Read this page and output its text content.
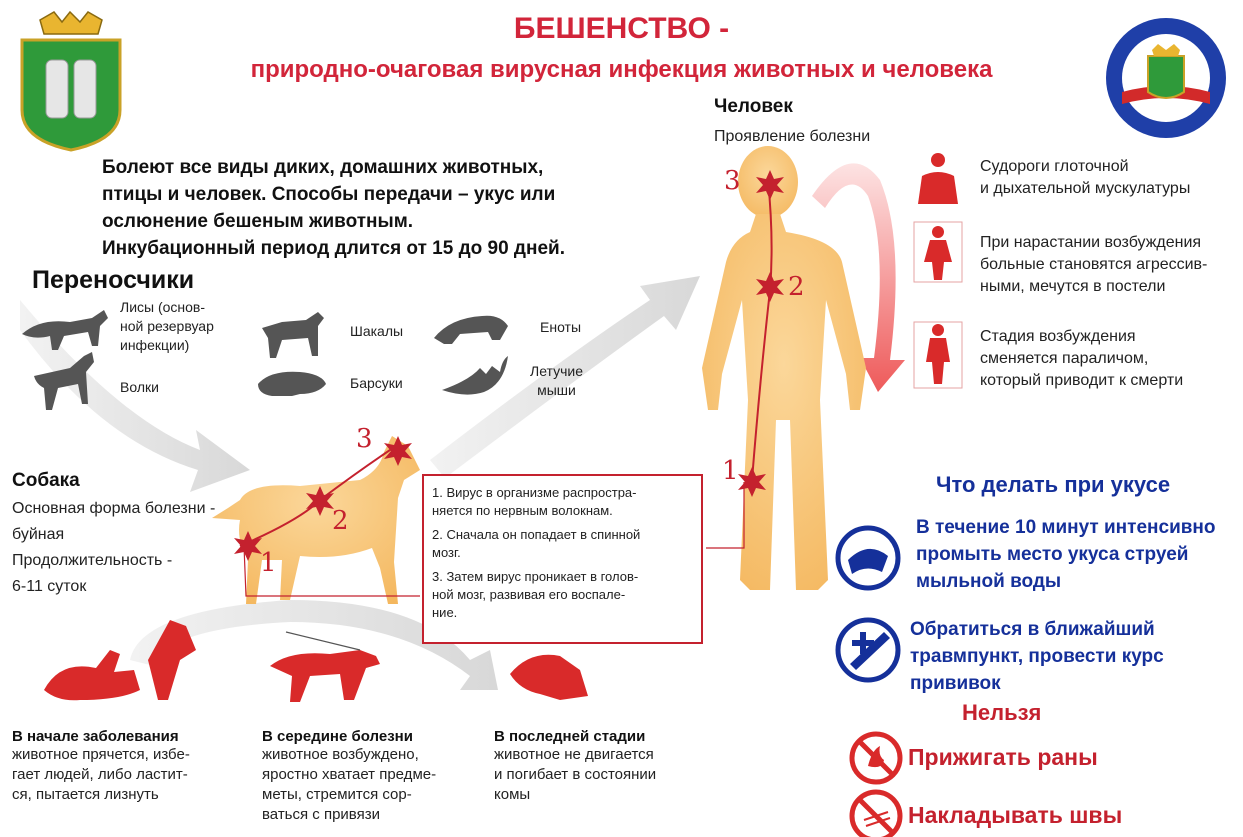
БЕШЕНСТВО -
природно-очаговая вирусная инфекция животных и человека
Болеют все виды диких, домашних животных,
птицы и человек. Способы передачи – укус или
ослюнение бешеным животным.
Инкубационный период длится от 15 до 90 дней.
Переносчики
Лисы (основ-
ной резервуар
инфекции)
Волки
Шакалы
Барсуки
Еноты
Летучие
мыши
Собака
Основная форма болезни -
буйная
Продолжительность -
6-11 суток
Человек
Проявление болезни
Судороги глоточной
и дыхательной мускулатуры
При нарастании возбуждения
больные становятся агрессив-
ными, мечутся в постели
Стадия возбуждения
сменяется параличом,
который приводит к смерти
1
2
3
3
2
1
1. Вирус в организме распростра-
няется по нервным волокнам.
2. Сначала он попадает в спинной
мозг.
3. Затем вирус проникает в голов-
ной мозг, развивая его воспале-
ние.
В начале заболевания
животное прячется, избе-
гает людей, либо ластит-
ся, пытается лизнуть
В середине болезни
животное возбуждено,
яростно хватает предме-
меты, стремится сор-
ваться с привязи
В последней стадии
животное не двигается
и погибает в состоянии
комы
Что делать при укусе
В течение 10 минут интенсивно
промыть место укуса струей
мыльной воды
Обратиться в ближайший
травмпункт, провести курс
прививок
Нельзя
Прижигать раны
Накладывать швы
